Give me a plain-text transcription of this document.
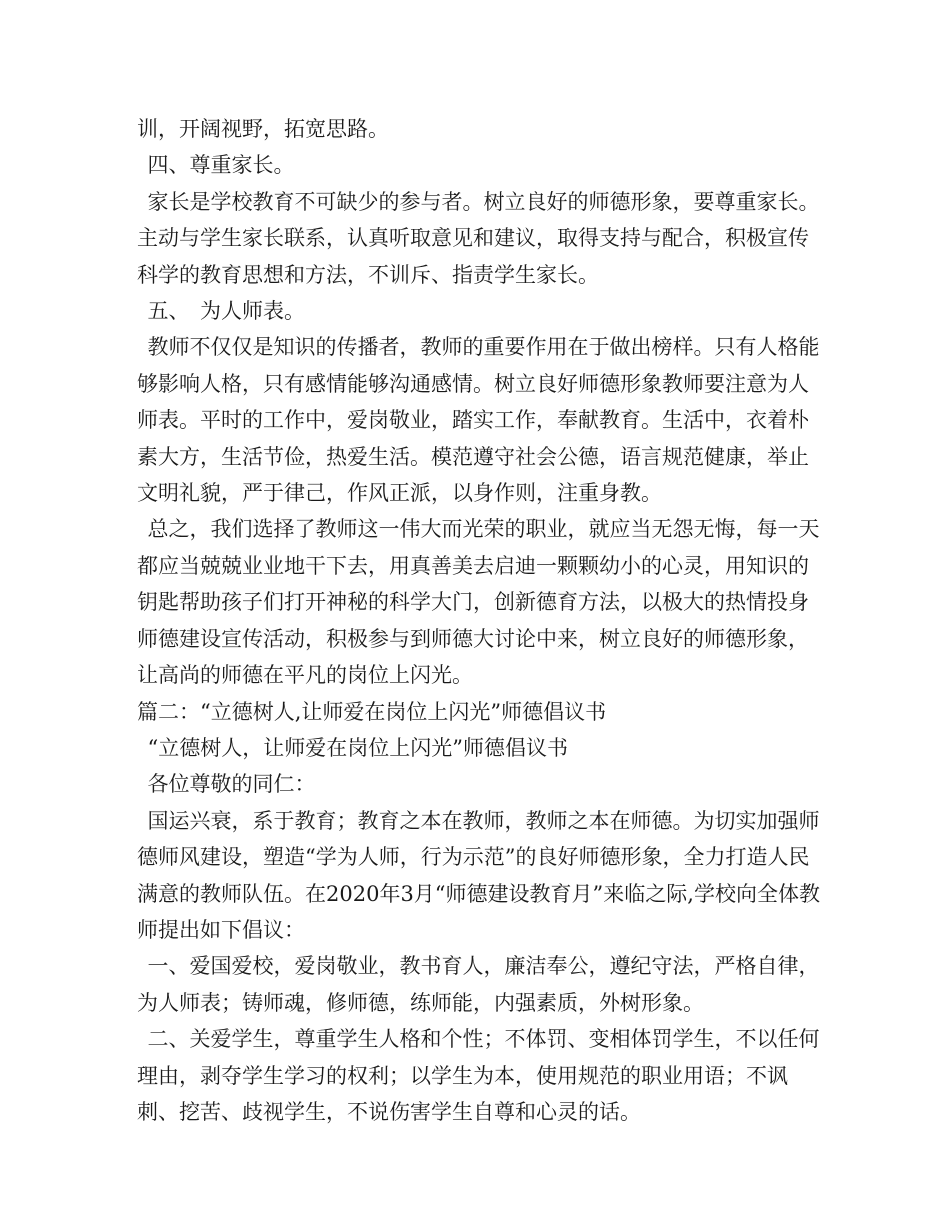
训，开阔视野，拓宽思路。

四、尊重家长。

家长是学校教育不可缺少的参与者。树立良好的师德形象，要尊重家长。主动与学生家长联系，认真听取意见和建议，取得支持与配合，积极宣传科学的教育思想和方法，不训斥、指责学生家长。

五、　为人师表。

教师不仅仅是知识的传播者，教师的重要作用在于做出榜样。只有人格能够影响人格，只有感情能够沟通感情。树立良好师德形象教师要注意为人师表。平时的工作中，爱岗敬业，踏实工作，奉献教育。生活中，衣着朴素大方，生活节俭，热爱生活。模范遵守社会公德，语言规范健康，举止文明礼貌，严于律己，作风正派，以身作则，注重身教。

总之，我们选择了教师这一伟大而光荣的职业，就应当无怨无悔，每一天都应当兢兢业业地干下去，用真善美去启迪一颗颗幼小的心灵，用知识的钥匙帮助孩子们打开神秘的科学大门，创新德育方法，以极大的热情投身师德建设宣传活动，积极参与到师德大讨论中来，树立良好的师德形象，让高尚的师德在平凡的岗位上闪光。

篇二：“立德树人,让师爱在岗位上闪光”师德倡议书

“立德树人，让师爱在岗位上闪光”师德倡议书

各位尊敬的同仁：

国运兴衰，系于教育；教育之本在教师，教师之本在师德。为切实加强师德师风建设，塑造“学为人师，行为示范”的良好师德形象，全力打造人民满意的教师队伍。在2020年3月“师德建设教育月”来临之际,学校向全体教师提出如下倡议：

一、爱国爱校，爱岗敬业，教书育人，廉洁奉公，遵纪守法，严格自律，为人师表；铸师魂，修师德，练师能，内强素质，外树形象。

二、关爱学生，尊重学生人格和个性；不体罚、变相体罚学生，不以任何理由，剥夺学生学习的权利；以学生为本，使用规范的职业用语；不讽刺、挖苦、歧视学生，不说伤害学生自尊和心灵的话。
